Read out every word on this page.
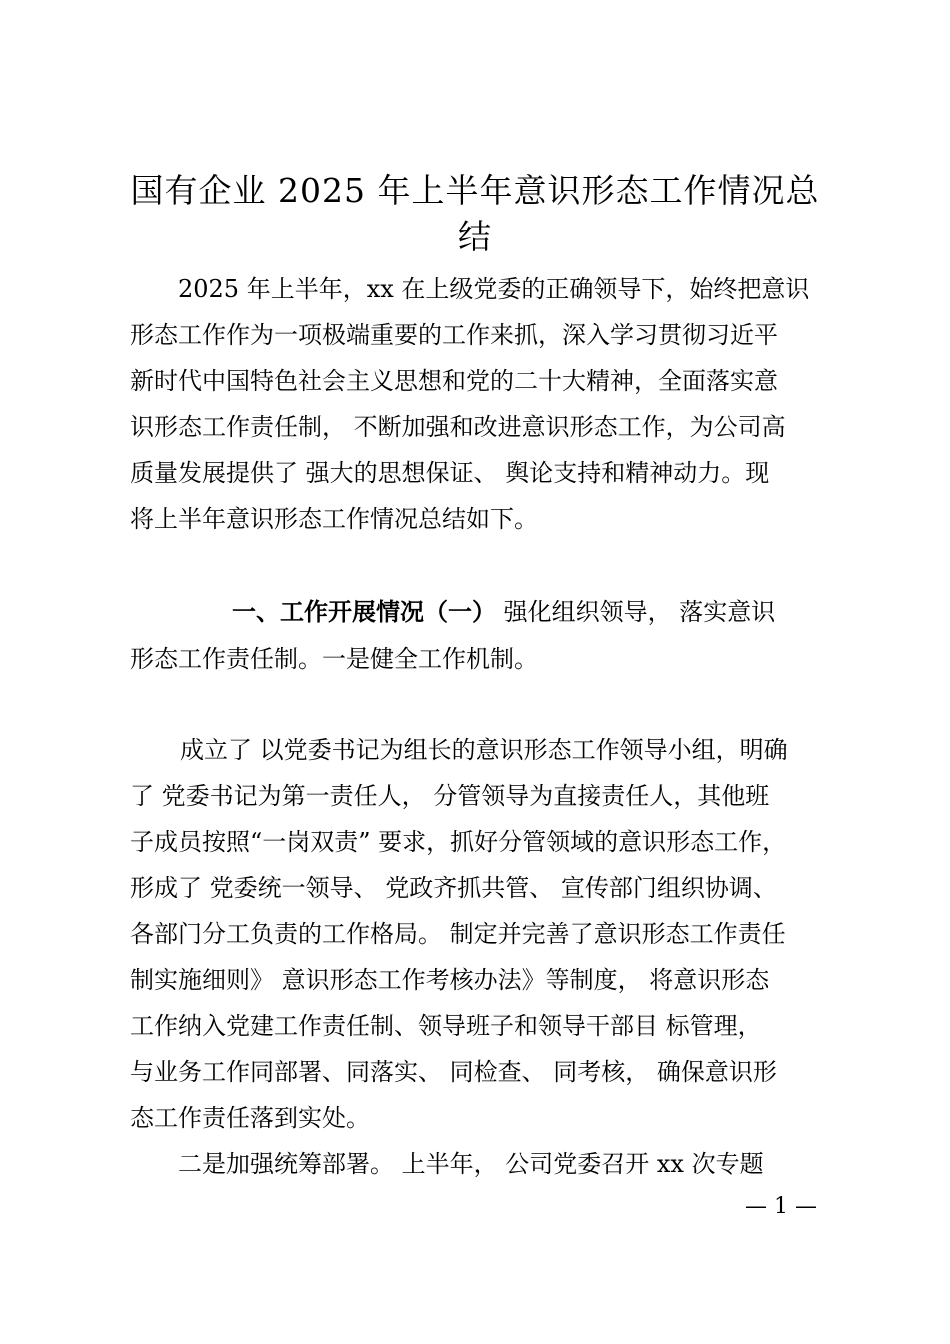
国有企业 2025 年上半年意识形态工作情况总结

2025 年上半年，xx 在上级党委的正确领导下，始终把意识

形态工作作为一项极端重要的工作来抓，深入学习贯彻习近平

新时代中国特色社会主义思想和党的二十大精神，全面落实意

识形态工作责任制， 不断加强和改进意识形态工作，为公司高

质量发展提供了 强大的思想保证、 舆论支持和精神动力。现

将上半年意识形态工作情况总结如下。

一、工作开展情况（一） 强化组织领导， 落实意识

形态工作责任制。一是健全工作机制。

成立了 以党委书记为组长的意识形态工作领导小组，明确

了 党委书记为第一责任人， 分管领导为直接责任人，其他班

子成员按照“一岗双责” 要求，抓好分管领域的意识形态工作，

形成了 党委统一领导、 党政齐抓共管、 宣传部门组织协调、

各部门分工负责的工作格局。 制定并完善了意识形态工作责任

制实施细则》 意识形态工作考核办法》等制度， 将意识形态

工作纳入党建工作责任制、领导班子和领导干部目 标管理，

与业务工作同部署、同落实、 同检查、 同考核， 确保意识形

态工作责任落到实处。

二是加强统筹部署。 上半年， 公司党委召开 xx 次专题

— 1 —
